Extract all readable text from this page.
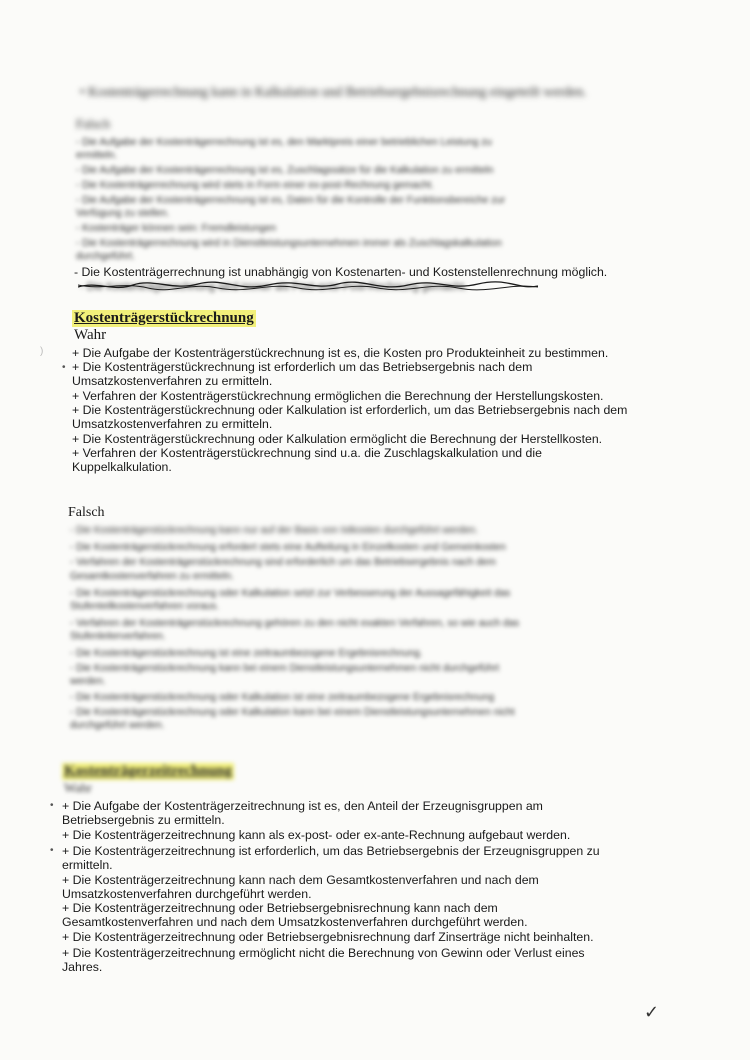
• Kostenträgerrechnung kann in Kalkulation und Betriebsergebnisrechnung eingeteilt werden.
Falsch
- Die Aufgabe der Kostenträgerrechnung ist es, den Marktpreis einer betrieblichen Leistung zu
ermitteln.
- Die Aufgabe der Kostenträgerrechnung ist es, Zuschlagssätze für die Kalkulation zu ermitteln
- Die Kostenträgerrechnung wird stets in Form einer ex-post-Rechnung gemacht.
- Die Aufgabe der Kostenträgerrechnung ist es, Daten für die Kontrolle der Funktionsbereiche zur
Verfügung zu stellen.
- Kostenträger können sein: Fremdleistungen
- Die Kostenträgerrechnung wird in Dienstleistungsunternehmen immer als Zuschlagskalkulation
durchgeführt.
- Die Kostenträgerrechnung ist unabhängig von Kostenarten- und Kostenstellenrechnung möglich.
- Die Kostenträgerrechnung wird immer als Post-ante-Post-Rechnung gemacht.
Kostenträgerstückrechnung
Wahr
+ Die Aufgabe der Kostenträgerstückrechnung ist es, die Kosten pro Produkteinheit zu bestimmen.
+ Die Kostenträgerstückrechnung ist erforderlich um das Betriebsergebnis nach dem
Umsatzkostenverfahren zu ermitteln.
+ Verfahren der Kostenträgerstückrechnung ermöglichen die Berechnung der Herstellungskosten.
+ Die Kostenträgerstückrechnung oder Kalkulation ist erforderlich, um das Betriebsergebnis nach dem
Umsatzkostenverfahren zu ermitteln.
+ Die Kostenträgerstückrechnung oder Kalkulation ermöglicht die Berechnung der Herstellkosten.
+ Verfahren der Kostenträgerstückrechnung sind u.a. die Zuschlagskalkulation und die
Kuppelkalkulation.
Falsch
- Die Kostenträgerstückrechnung kann nur auf der Basis von Istkosten durchgeführt werden.
- Die Kostenträgerstückrechnung erfordert stets eine Aufteilung in Einzelkosten und Gemeinkosten
- Verfahren der Kostenträgerstückrechnung sind erforderlich um das Betriebsergebnis nach dem
Gesamtkostenverfahren zu ermitteln.
- Die Kostenträgerstückrechnung oder Kalkulation setzt zur Verbesserung der Aussagefähigkeit das
Stufenteilkostenverfahren voraus.
- Verfahren der Kostenträgerstückrechnung gehören zu den nicht exakten Verfahren, so wie auch das
Stufenleiterverfahren.
- Die Kostenträgerstückrechnung ist eine zeitraumbezogene Ergebnisrechnung.
- Die Kostenträgerstückrechnung kann bei einem Dienstleistungsunternehmen nicht durchgeführt
werden.
- Die Kostenträgerstückrechnung oder Kalkulation ist eine zeitraumbezogene Ergebnisrechnung
- Die Kostenträgerstückrechnung oder Kalkulation kann bei einem Dienstleistungsunternehmen nicht
durchgeführt werden.
Kostenträgerzeitrechnung
Wahr
+ Die Aufgabe der Kostenträgerzeitrechnung ist es, den Anteil der Erzeugnisgruppen am
Betriebsergebnis zu ermitteln.
+ Die Kostenträgerzeitrechnung kann als ex-post- oder ex-ante-Rechnung aufgebaut werden.
+ Die Kostenträgerzeitrechnung ist erforderlich, um das Betriebsergebnis der Erzeugnisgruppen zu
ermitteln.
+ Die Kostenträgerzeitrechnung kann nach dem Gesamtkostenverfahren und nach dem
Umsatzkostenverfahren durchgeführt werden.
+ Die Kostenträgerzeitrechnung oder Betriebsergebnisrechnung kann nach dem
Gesamtkostenverfahren und nach dem Umsatzkostenverfahren durchgeführt werden.
+ Die Kostenträgerzeitrechnung oder Betriebsergebnisrechnung darf Zinserträge nicht beinhalten.
+ Die Kostenträgerzeitrechnung ermöglicht nicht die Berechnung von Gewinn oder Verlust eines
Jahres.
•
•
•
)
✓
